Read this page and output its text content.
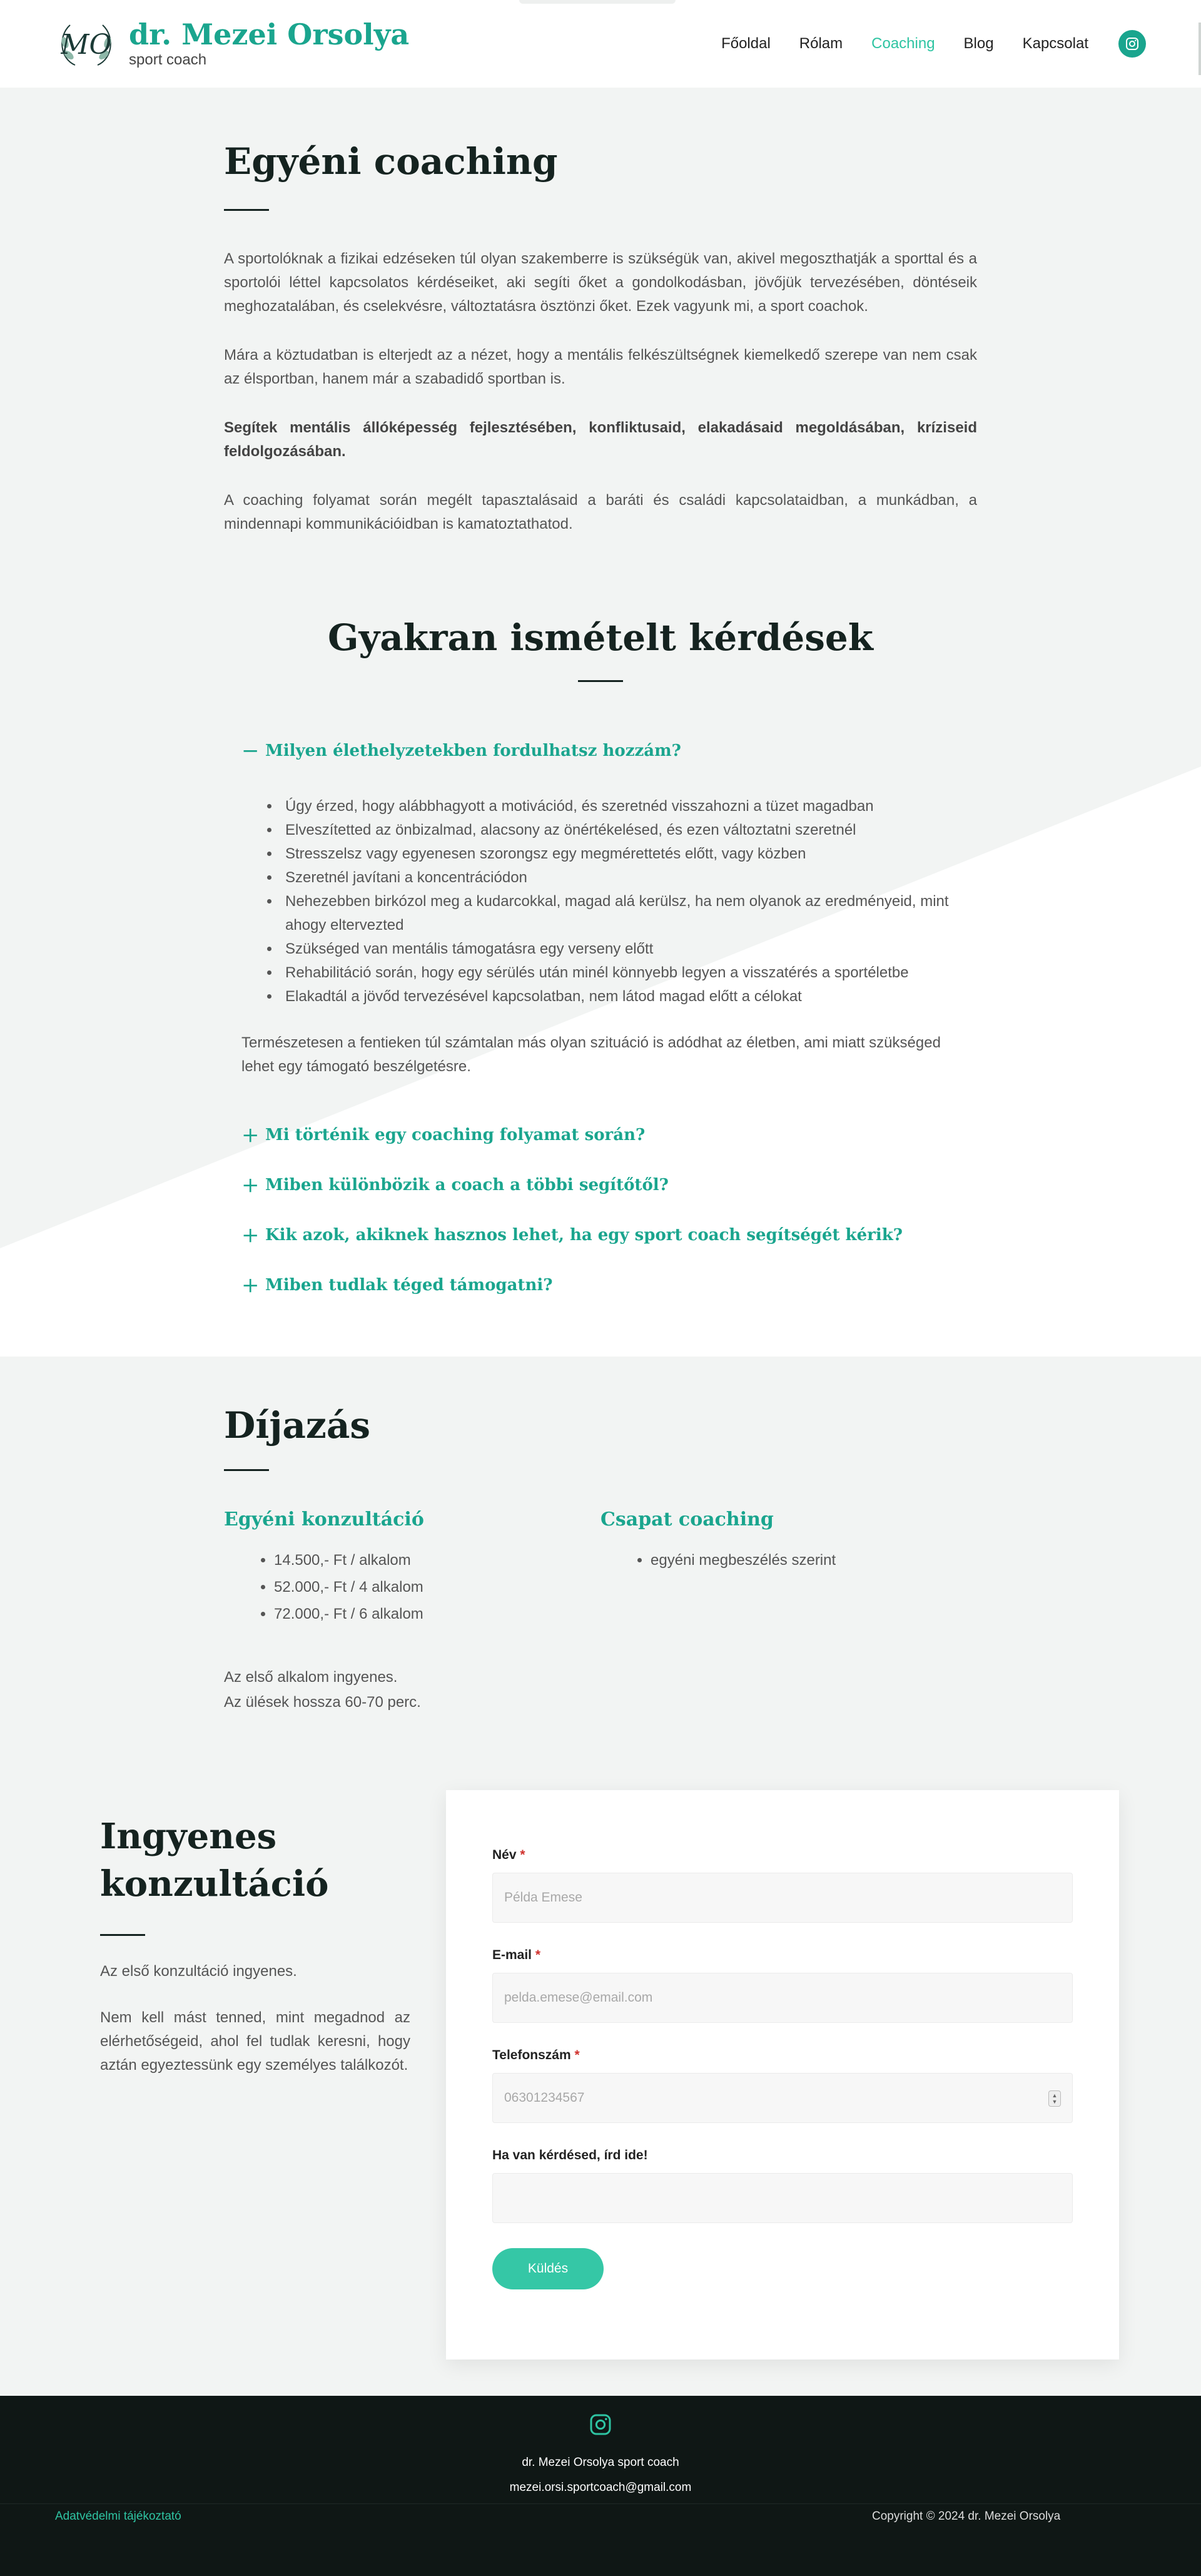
MO dr. Mezei Orsolya
sport coach
Főoldal Rólam Coaching Blog Kapcsolat
Egyéni coaching

A sportolóknak a fizikai edzéseken túl olyan szakemberre is szükségük van, akivel megoszthatják a sporttal és a sportolói léttel kapcsolatos kérdéseiket, aki segíti őket a gondolkodásban, jövőjük tervezésében, döntéseik meghozatalában, és cselekvésre, változtatásra ösztönzi őket. Ezek vagyunk mi, a sport coachok.

Mára a köztudatban is elterjedt az a nézet, hogy a mentális felkészültségnek kiemelkedő szerepe van nem csak az élsportban, hanem már a szabadidő sportban is.

Segítek mentális állóképesség fejlesztésében, konfliktusaid, elakadásaid megoldásában, kríziseid feldolgozásában.

A coaching folyamat során megélt tapasztalásaid a baráti és családi kapcsolataidban, a munkádban, a mindennapi kommunikációidban is kamatoztathatod.

Gyakran ismételt kérdések
− Milyen élethelyzetekben fordulhatsz hozzám?
• Úgy érzed, hogy alábbhagyott a motivációd, és szeretnéd visszahozni a tüzet magadban
• Elveszítetted az önbizalmad, alacsony az önértékelésed, és ezen változtatni szeretnél
• Stresszelsz vagy egyenesen szorongsz egy megmérettetés előtt, vagy közben
• Szeretnél javítani a koncentrációdon
• Nehezebben birkózol meg a kudarcokkal, magad alá kerülsz, ha nem olyanok az eredményeid, mint ahogy eltervezted
• Szükséged van mentális támogatásra egy verseny előtt
• Rehabilitáció során, hogy egy sérülés után minél könnyebb legyen a visszatérés a sportéletbe
• Elakadtál a jövőd tervezésével kapcsolatban, nem látod magad előtt a célokat

Természetesen a fentieken túl számtalan más olyan szituáció is adódhat az életben, ami miatt szükséged lehet egy támogató beszélgetésre.

+ Mi történik egy coaching folyamat során?
+ Miben különbözik a coach a többi segítőtől?
+ Kik azok, akiknek hasznos lehet, ha egy sport coach segítségét kérik?
+ Miben tudlak téged támogatni?
Díjazás
Egyéni konzultáció
• 14.500,- Ft / alkalom
• 52.000,- Ft / 4 alkalom
• 72.000,- Ft / 6 alkalom
Csapat coaching
• egyéni megbeszélés szerint
Az első alkalom ingyenes.
Az ülések hossza 60-70 perc.
Ingyenes
konzultáció

Az első konzultáció ingyenes.

Nem kell mást tenned, mint megadnod az elérhetőségeid, ahol fel tudlak keresni, hogy aztán egyeztessünk egy személyes találkozót.

Név *
Példa Emese
E-mail *
pelda.emese@email.com
Telefonszám *
06301234567	▲
▼
Ha van kérdésed, írd ide!
Küldés
dr. Mezei Orsolya sport coach
mezei.orsi.sportcoach@gmail.com
Adatvédelmi tájékoztató	Copyright © 2024 dr. Mezei Orsolya
